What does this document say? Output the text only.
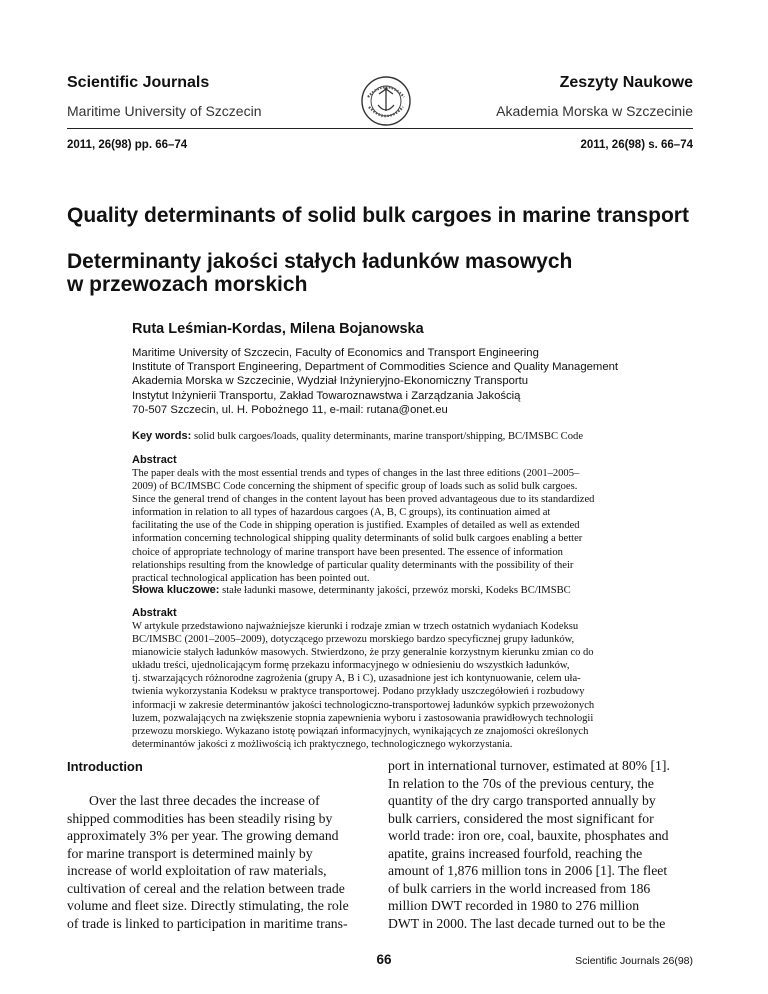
Scientific Journals
Maritime University of Szczecin
Zeszyty Naukowe
Akademia Morska w Szczecinie
2011, 26(98) pp. 66–74	2011, 26(98) s. 66–74
Quality determinants of solid bulk cargoes in marine transport
Determinanty jakości stałych ładunków masowych
w przewozach morskich
Ruta Leśmian-Kordas, Milena Bojanowska
Maritime University of Szczecin, Faculty of Economics and Transport Engineering
Institute of Transport Engineering, Department of Commodities Science and Quality Management
Akademia Morska w Szczecinie, Wydział Inżynieryjno-Ekonomiczny Transportu
Instytut Inżynierii Transportu, Zakład Towaroznawstwa i Zarządzania Jakością
70-507 Szczecin, ul. H. Pobożnego 11, e-mail: rutana@onet.eu
Key words: solid bulk cargoes/loads, quality determinants, marine transport/shipping, BC/IMSBC Code
Abstract
The paper deals with the most essential trends and types of changes in the last three editions (2001–2005–
2009) of BC/IMSBC Code concerning the shipment of specific group of loads such as solid bulk cargoes.
Since the general trend of changes in the content layout has been proved advantageous due to its standardized
information in relation to all types of hazardous cargoes (A, B, C groups), its continuation aimed at
facilitating the use of the Code in shipping operation is justified. Examples of detailed as well as extended
information concerning technological shipping quality determinants of solid bulk cargoes enabling a better
choice of appropriate technology of marine transport have been presented. The essence of information
relationships resulting from the knowledge of particular quality determinants with the possibility of their
practical technological application has been pointed out.
Słowa kluczowe: stałe ładunki masowe, determinanty jakości, przewóz morski, Kodeks BC/IMSBC
Abstrakt
W artykule przedstawiono najważniejsze kierunki i rodzaje zmian w trzech ostatnich wydaniach Kodeksu
BC/IMSBC (2001–2005–2009), dotyczącego przewozu morskiego bardzo specyficznej grupy ładunków,
mianowicie stałych ładunków masowych. Stwierdzono, że przy generalnie korzystnym kierunku zmian co do
układu treści, ujednolicającym formę przekazu informacyjnego w odniesieniu do wszystkich ładunków,
tj. stwarzających różnorodne zagrożenia (grupy A, B i C), uzasadnione jest ich kontynuowanie, celem uła-
twienia wykorzystania Kodeksu w praktyce transportowej. Podano przykłady uszczegółowień i rozbudowy
informacji w zakresie determinantów jakości technologiczno-transportowej ładunków sypkich przewożonych
luzem, pozwalających na zwiększenie stopnia zapewnienia wyboru i zastosowania prawidłowych technologii
przewozu morskiego. Wykazano istotę powiązań informacyjnych, wynikających ze znajomości określonych
determinantów jakości z możliwością ich praktycznego, technologicznego wykorzystania.
Introduction
Over the last three decades the increase of
shipped commodities has been steadily rising by
approximately 3% per year. The growing demand
for marine transport is determined mainly by
increase of world exploitation of raw materials,
cultivation of cereal and the relation between trade
volume and fleet size. Directly stimulating, the role
of trade is linked to participation in maritime trans-
port in international turnover, estimated at 80% [1].
In relation to the 70s of the previous century, the
quantity of the dry cargo transported annually by
bulk carriers, considered the most significant for
world trade: iron ore, coal, bauxite, phosphates and
apatite, grains increased fourfold, reaching the
amount of 1,876 million tons in 2006 [1]. The fleet
of bulk carriers in the world increased from 186
million DWT recorded in 1980 to 276 million
DWT in 2000. The last decade turned out to be the
66	Scientific Journals 26(98)
